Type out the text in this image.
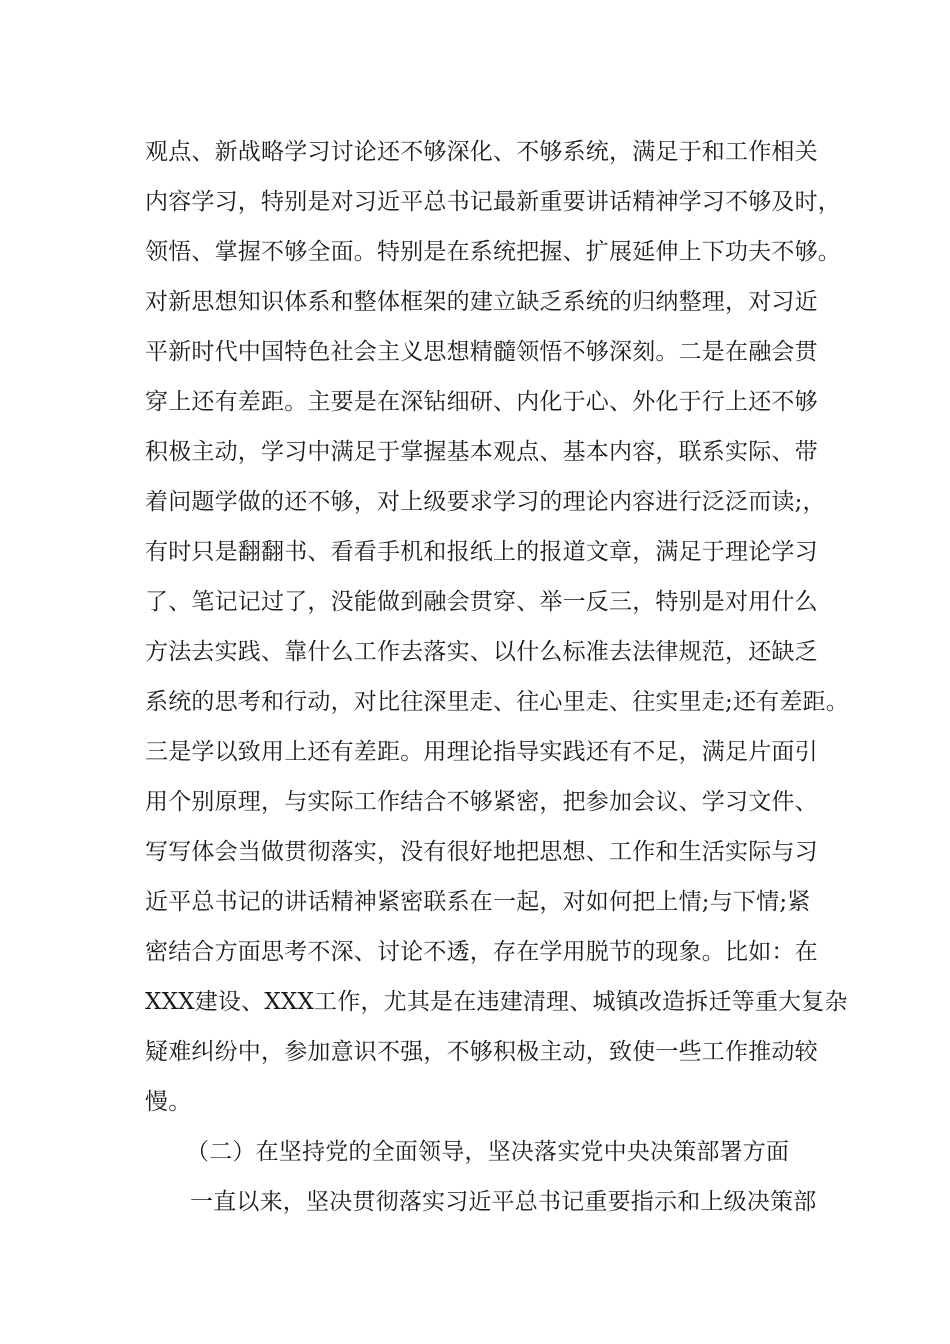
观点、新战略学习讨论还不够深化、不够系统，满足于和工作相关
内容学习，特别是对习近平总书记最新重要讲话精神学习不够及时，
领悟、掌握不够全面。特别是在系统把握、扩展延伸上下功夫不够。
对新思想知识体系和整体框架的建立缺乏系统的归纳整理，对习近
平新时代中国特色社会主义思想精髓领悟不够深刻。二是在融会贯
穿上还有差距。主要是在深钻细研、内化于心、外化于行上还不够
积极主动，学习中满足于掌握基本观点、基本内容，联系实际、带
着问题学做的还不够，对上级要求学习的理论内容进行泛泛而读;，
有时只是翻翻书、看看手机和报纸上的报道文章，满足于理论学习
了、笔记记过了，没能做到融会贯穿、举一反三，特别是对用什么
方法去实践、靠什么工作去落实、以什么标准去法律规范，还缺乏
系统的思考和行动，对比往深里走、往心里走、往实里走;还有差距。
三是学以致用上还有差距。用理论指导实践还有不足，满足片面引
用个别原理，与实际工作结合不够紧密，把参加会议、学习文件、
写写体会当做贯彻落实，没有很好地把思想、工作和生活实际与习
近平总书记的讲话精神紧密联系在一起，对如何把上情;与下情;紧
密结合方面思考不深、讨论不透，存在学用脱节的现象。比如：在
XXX建设、XXX工作，尤其是在违建清理、城镇改造拆迁等重大复杂
疑难纠纷中，参加意识不强，不够积极主动，致使一些工作推动较
慢。
（二）在坚持党的全面领导，坚决落实党中央决策部署方面
一直以来，坚决贯彻落实习近平总书记重要指示和上级决策部
